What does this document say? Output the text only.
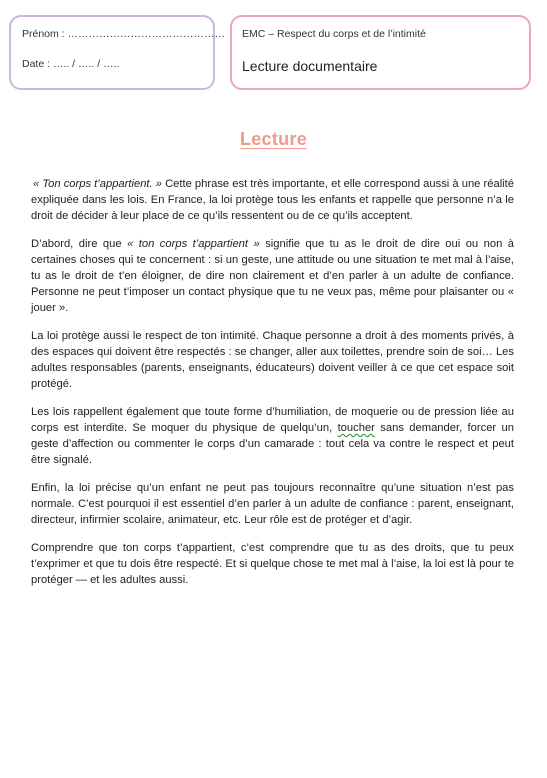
Prénom : ………………………………………
Date : ….. / ….. / …..
EMC – Respect du corps et de l’intimité
Lecture documentaire
Lecture

« Ton corps t’appartient. » Cette phrase est très importante, et elle correspond aussi à une réalité expliquée dans les lois. En France, la loi protège tous les enfants et rappelle que personne n’a le droit de décider à leur place de ce qu’ils ressentent ou de ce qu’ils acceptent.

D’abord, dire que « ton corps t’appartient » signifie que tu as le droit de dire oui ou non à certaines choses qui te concernent : si un geste, une attitude ou une situation te met mal à l’aise, tu as le droit de t’en éloigner, de dire non clairement et d’en parler à un adulte de confiance. Personne ne peut t’imposer un contact physique que tu ne veux pas, même pour plaisanter ou « jouer ».

La loi protège aussi le respect de ton intimité. Chaque personne a droit à des moments privés, à des espaces qui doivent être respectés : se changer, aller aux toilettes, prendre soin de soi… Les adultes responsables (parents, enseignants, éducateurs) doivent veiller à ce que cet espace soit protégé.

Les lois rappellent également que toute forme d’humiliation, de moquerie ou de pression liée au corps est interdite. Se moquer du physique de quelqu’un, toucher sans demander, forcer un geste d’affection ou commenter le corps d’un camarade : tout cela va contre le respect et peut être signalé.

Enfin, la loi précise qu’un enfant ne peut pas toujours reconnaître qu’une situation n’est pas normale. C’est pourquoi il est essentiel d’en parler à un adulte de confiance : parent, enseignant, directeur, infirmier scolaire, animateur, etc. Leur rôle est de protéger et d’agir.

Comprendre que ton corps t’appartient, c’est comprendre que tu as des droits, que tu peux t’exprimer et que tu dois être respecté. Et si quelque chose te met mal à l’aise, la loi est là pour te protéger — et les adultes aussi.
